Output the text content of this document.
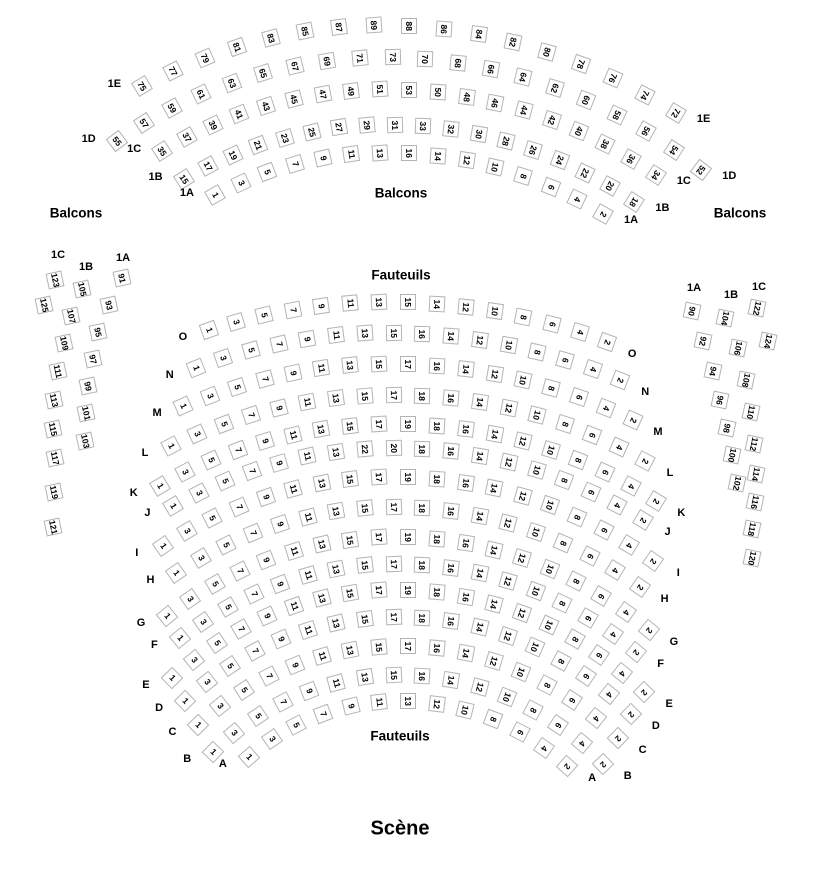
Balcons
Balcons
Balcons
Fauteuils
Fauteuils
Scène
75
77
79
81
83
85	87	89	88	86	84
82
80
78
76
74
72
1E
1E
55
57
59
61
63
65
67 69	71	73	70	68
66
64
62
60
58
56
54
52
1D
1D
35
37
39
41
43
45 47 49 51 53 50 48
46
44
42
40
38
36
34
1C
1C
15
17
19
21
23
25 27 29 31 33 32 30
28
26
24
22
20
18
1B
1B
1
3
5
7
9 11 13 16 14 12
10
8
6
4
2
1A
1A
123
125
1C
105
107
109
111
113
115
117
119
121
1B
91
93
95
97
99
101
103
1A
90
92
94
96
98
100
102
1A
104
106
108
110
112
114
116
118
120
1B
122
124
1C
1
3
5
7
9 11 13 15 14 12 10
8
6
4
2
O
O
1
3
5
7
9 11 13 15 16 14 12 10
8
6
4
2
N
N
1
3
5
7
9 11 13 15 17 16 14 12
10
8
6
4
2
M
M
1
3
5
7
9
11 13 15 17 18 16 14
12
10
8
6
4
2
L
L
1
3
5
7
9
11 13 15 17 19 18 16 14
12
10
8
6
4
2
K
K
1
3
5
7
9
11 13 22 20 18 16 14
12
10
8
6
4
2
J
J
1
3
5
7
9
11
13 15 17 19 18 16
14
12
10
8
6
4
2
I
I
1
3
5
7
9
11 13 15 17 18 16 14
12
10
8
6
4
2
H
H
1
3
5
7
9
11
13 15 17 19 18 16
14
12
10
8
6
4
2
G
G
1
3
5
7
9
11
13 15 17 18 16 14
12
10
8
6
4
2
F
F
1
3
5
7
9
11
13 15 17 19 18 16
14
12
10
8
6
4
2
E
E
1
3
5
7
9
11
13 15 17 18 16
14
12
10
8
6
4
2
D
D
1
3
5
7
9
11
13 15 17 16 14
12
10
8
6
4
2
C
C
1
3
5
7
9
11 13 15 16 14
12
10
8
6
4
2
B
B
1
3
5
7
9 11 13 12
10
8
6
4
2
A
A
